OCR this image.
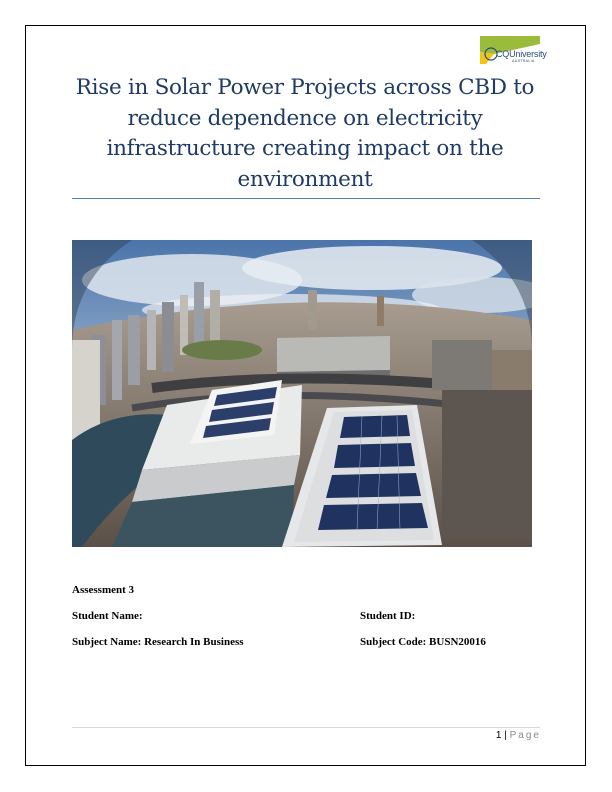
CQUniversity
AUSTRALIA
Rise in Solar Power Projects across CBD to reduce dependence on electricity infrastructure creating impact on the environment
Assessment 3
Student Name:	Student ID:
Subject Name: Research In Business	Subject Code: BUSN20016
1 | Page
